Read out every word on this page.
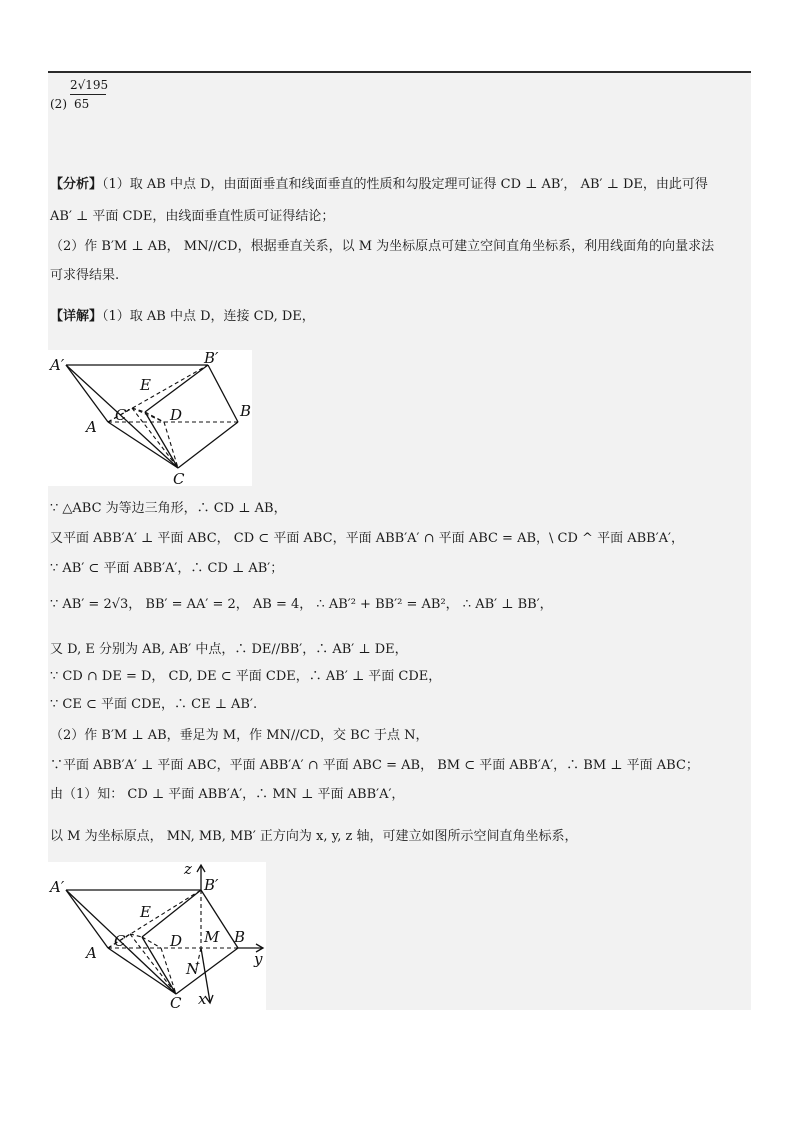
2√195
(2) 65
【分析】（1）取 AB 中点 D，由面面垂直和线面垂直的性质和勾股定理可证得 CD ⊥ AB′， AB′ ⊥ DE，由此可得
AB′ ⊥ 平面 CDE，由线面垂直性质可证得结论；
（2）作 B′M ⊥ AB， MN//CD，根据垂直关系，以 M 为坐标原点可建立空间直角坐标系，利用线面角的向量求法
可求得结果.
【详解】（1）取 AB 中点 D，连接 CD, DE，
A′	B′
A
B
C
C′	D
E
∵ △ABC 为等边三角形，∴ CD ⊥ AB，
又平面 ABB′A′ ⊥ 平面 ABC， CD ⊂ 平面 ABC，平面 ABB′A′ ∩ 平面 ABC = AB，\ CD ^ 平面 ABB′A′，
∵ AB′ ⊂ 平面 ABB′A′，∴ CD ⊥ AB′；
∵ AB′ = 2√3， BB′ = AA′ = 2， AB = 4， ∴ AB′² + BB′² = AB²， ∴ AB′ ⊥ BB′，
又 D, E 分别为 AB, AB′ 中点，∴ DE//BB′，∴ AB′ ⊥ DE，
∵ CD ∩ DE = D， CD, DE ⊂ 平面 CDE，∴ AB′ ⊥ 平面 CDE，
∵ CE ⊂ 平面 CDE，∴ CE ⊥ AB′.
（2）作 B′M ⊥ AB，垂足为 M，作 MN//CD，交 BC 于点 N，
∵平面 ABB′A′ ⊥ 平面 ABC，平面 ABB′A′ ∩ 平面 ABC = AB， BM ⊂ 平面 ABB′A′，∴ BM ⊥ 平面 ABC；
由（1）知： CD ⊥ 平面 ABB′A′，∴ MN ⊥ 平面 ABB′A′，
以 M 为坐标原点， MN, MB, MB′ 正方向为 x, y, z 轴，可建立如图所示空间直角坐标系，
A′	B′
A
B
C
C′	D
E
M
N
x
y
z
